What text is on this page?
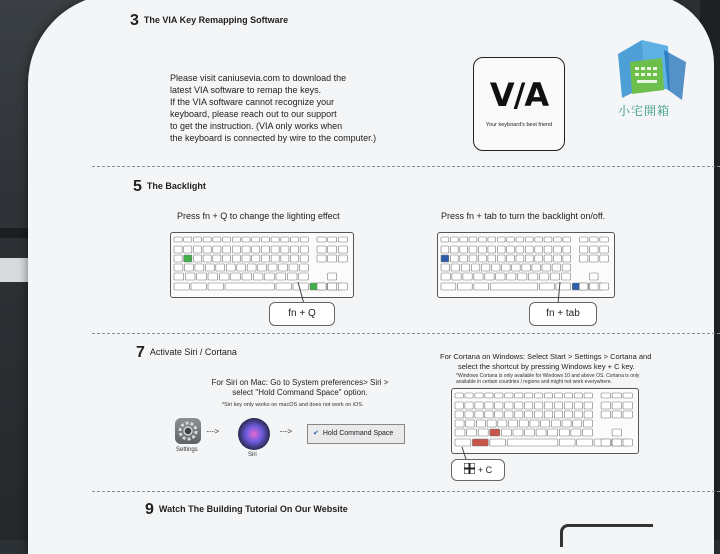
3 The VIA Key Remapping Software
Please visit caniusevia.com to download the
latest VIA software to remap the keys.
If the VIA software cannot recognize your
keyboard, please reach out to our support
to get the instruction. (VIA only works when
the keyboard is connected by wire to the computer.)
V/A
Your keyboard's best friend
小宅開箱
5 The Backlight
Press fn + Q to change the lighting effect	Press fn + tab to turn the backlight on/off.
fn + Q	fn + tab
7 Activate Siri / Cortana
For Siri on Mac: Go to System preferences> Siri >
select "Hold Command Space" option.
*Siri key only works on macOS and does not work on iOS.
Settings
·····>
Siri
·····>	✔ Hold Command Space
For Cortana on Windows: Select Start > Settings > Cortana and
select the shortcut by pressing Windows key + C key.
*Windows Cortana is only available for Windows 10 and above OS. Cortana is only
available in certain countries / regions and might not work everywhere.
+ C
9 Watch The Building Tutorial On Our Website
